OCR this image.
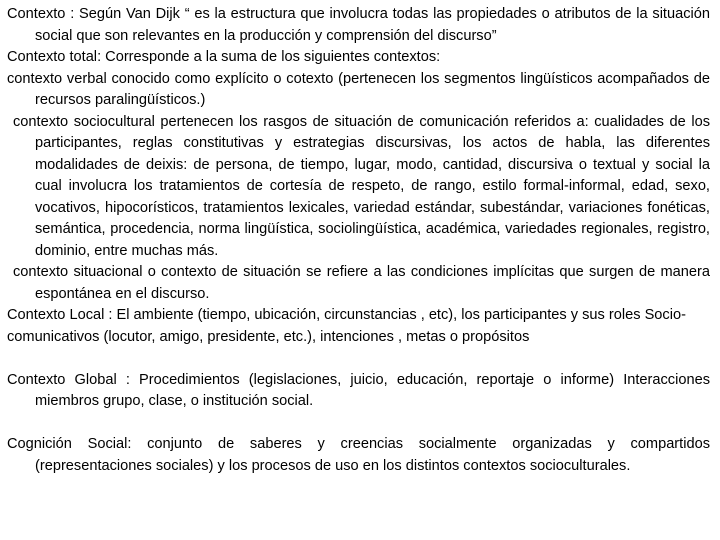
Contexto : Según Van Dijk “ es la estructura que involucra todas las propiedades o atributos de la situación social que son relevantes en la producción y comprensión del discurso”

Contexto total: Corresponde a la suma de los siguientes contextos:

contexto verbal conocido como explícito o cotexto (pertenecen los segmentos lingüísticos acompañados de recursos paralingüísticos.)

contexto sociocultural pertenecen los rasgos de situación de comunicación referidos a: cualidades de los participantes, reglas constitutivas y estrategias discursivas, los actos de habla, las diferentes modalidades de deixis: de persona, de tiempo, lugar, modo, cantidad, discursiva o textual y social la cual involucra los tratamientos de cortesía de respeto, de rango, estilo formal-informal, edad, sexo, vocativos, hipocorísticos, tratamientos lexicales, variedad estándar, subestándar, variaciones fonéticas, semántica, procedencia, norma lingüística, sociolingüística, académica, variedades regionales, registro, dominio, entre muchas más.

contexto situacional o contexto de situación se refiere a las condiciones implícitas que surgen de manera espontánea en el discurso.

Contexto Local : El ambiente (tiempo, ubicación, circunstancias , etc), los participantes y sus roles Socio-comunicativos (locutor, amigo, presidente, etc.), intenciones , metas o propósitos

Contexto Global : Procedimientos (legislaciones, juicio, educación, reportaje o informe) Interacciones miembros grupo, clase, o institución social.

Cognición Social: conjunto de saberes y creencias socialmente organizadas y compartidos (representaciones sociales) y los procesos de uso en los distintos contextos socioculturales.
